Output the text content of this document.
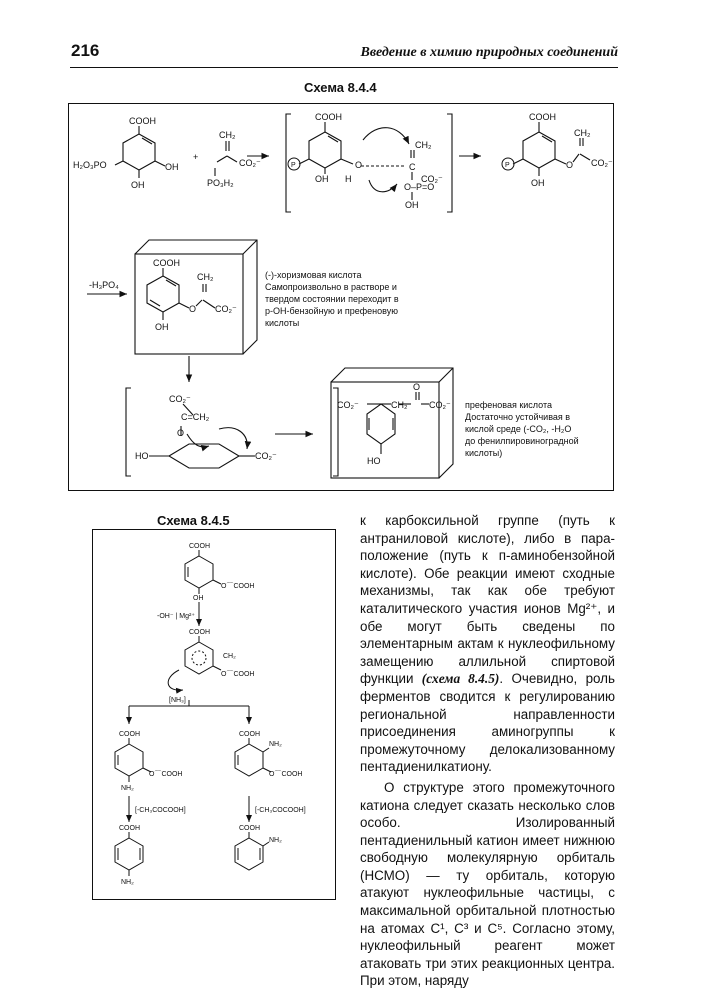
216	Введение в химию природных соединений
Схема 8.4.4
COOH
H₂O₃PO	OH
OH
+
CH₂
CO₂⁻
PO₃H₂
P
COOH
OH H
O
CH₂
C
CO₂⁻
O–P=O
OH
P
COOH
O
CH₂
CO₂⁻
OH
-H₃PO₄
COOH
O
CH₂
CO₂⁻
OH
(-)-хоризмовая кислота
Самопроизвольно в растворе и
твердом состоянии переходит в
р-ОН-бензойную и префеновую
кислоты
CO₂⁻
C=CH₂
O
HO	CO₂⁻
CO₂⁻	CH₂
O
CO₂⁻
HO
префеновая кислота
Достаточно устойчивая в
кислой среде (-CO₂, -H₂O
до фенилпировиноградной
кислоты)
Схема 8.4.5
COOH
O⌒COOH
OH
-OH⁻ | Mg²⁺
COOH
CH₂
O⌒COOH
[NH₃]
COOH
O⌒COOH
NH₂
COOH
NH₂
O⌒COOH
[-CH₃COCOOH]	[-CH₃COCOOH]
COOH
NH₂
COOH
NH₂

к карбоксильной группе (путь к антраниловой кислоте), либо в пара-положение (путь к п-аминобензойной кислоте). Обе реакции имеют сходные механизмы, так как обе требуют каталитического участия ионов Mg²⁺, и обе могут быть сведены по элементарным актам к нуклеофильному замещению аллильной спиртовой функции (схема 8.4.5). Очевидно, роль ферментов сводится к регулированию региональной направленности присоединения аминогруппы к промежуточному делокализованному пентадиенилкатиону.

О структуре этого промежуточного катиона следует сказать несколько слов особо. Изолированный пентадиенильный катион имеет нижнюю свободную молекулярную орбиталь (НСМО) — ту орбиталь, которую атакуют нуклеофильные частицы, с максимальной орбитальной плотностью на атомах С¹, С³ и С⁵. Согласно этому, нуклеофильный реагент может атаковать три этих реакционных центра. При этом, наряду
